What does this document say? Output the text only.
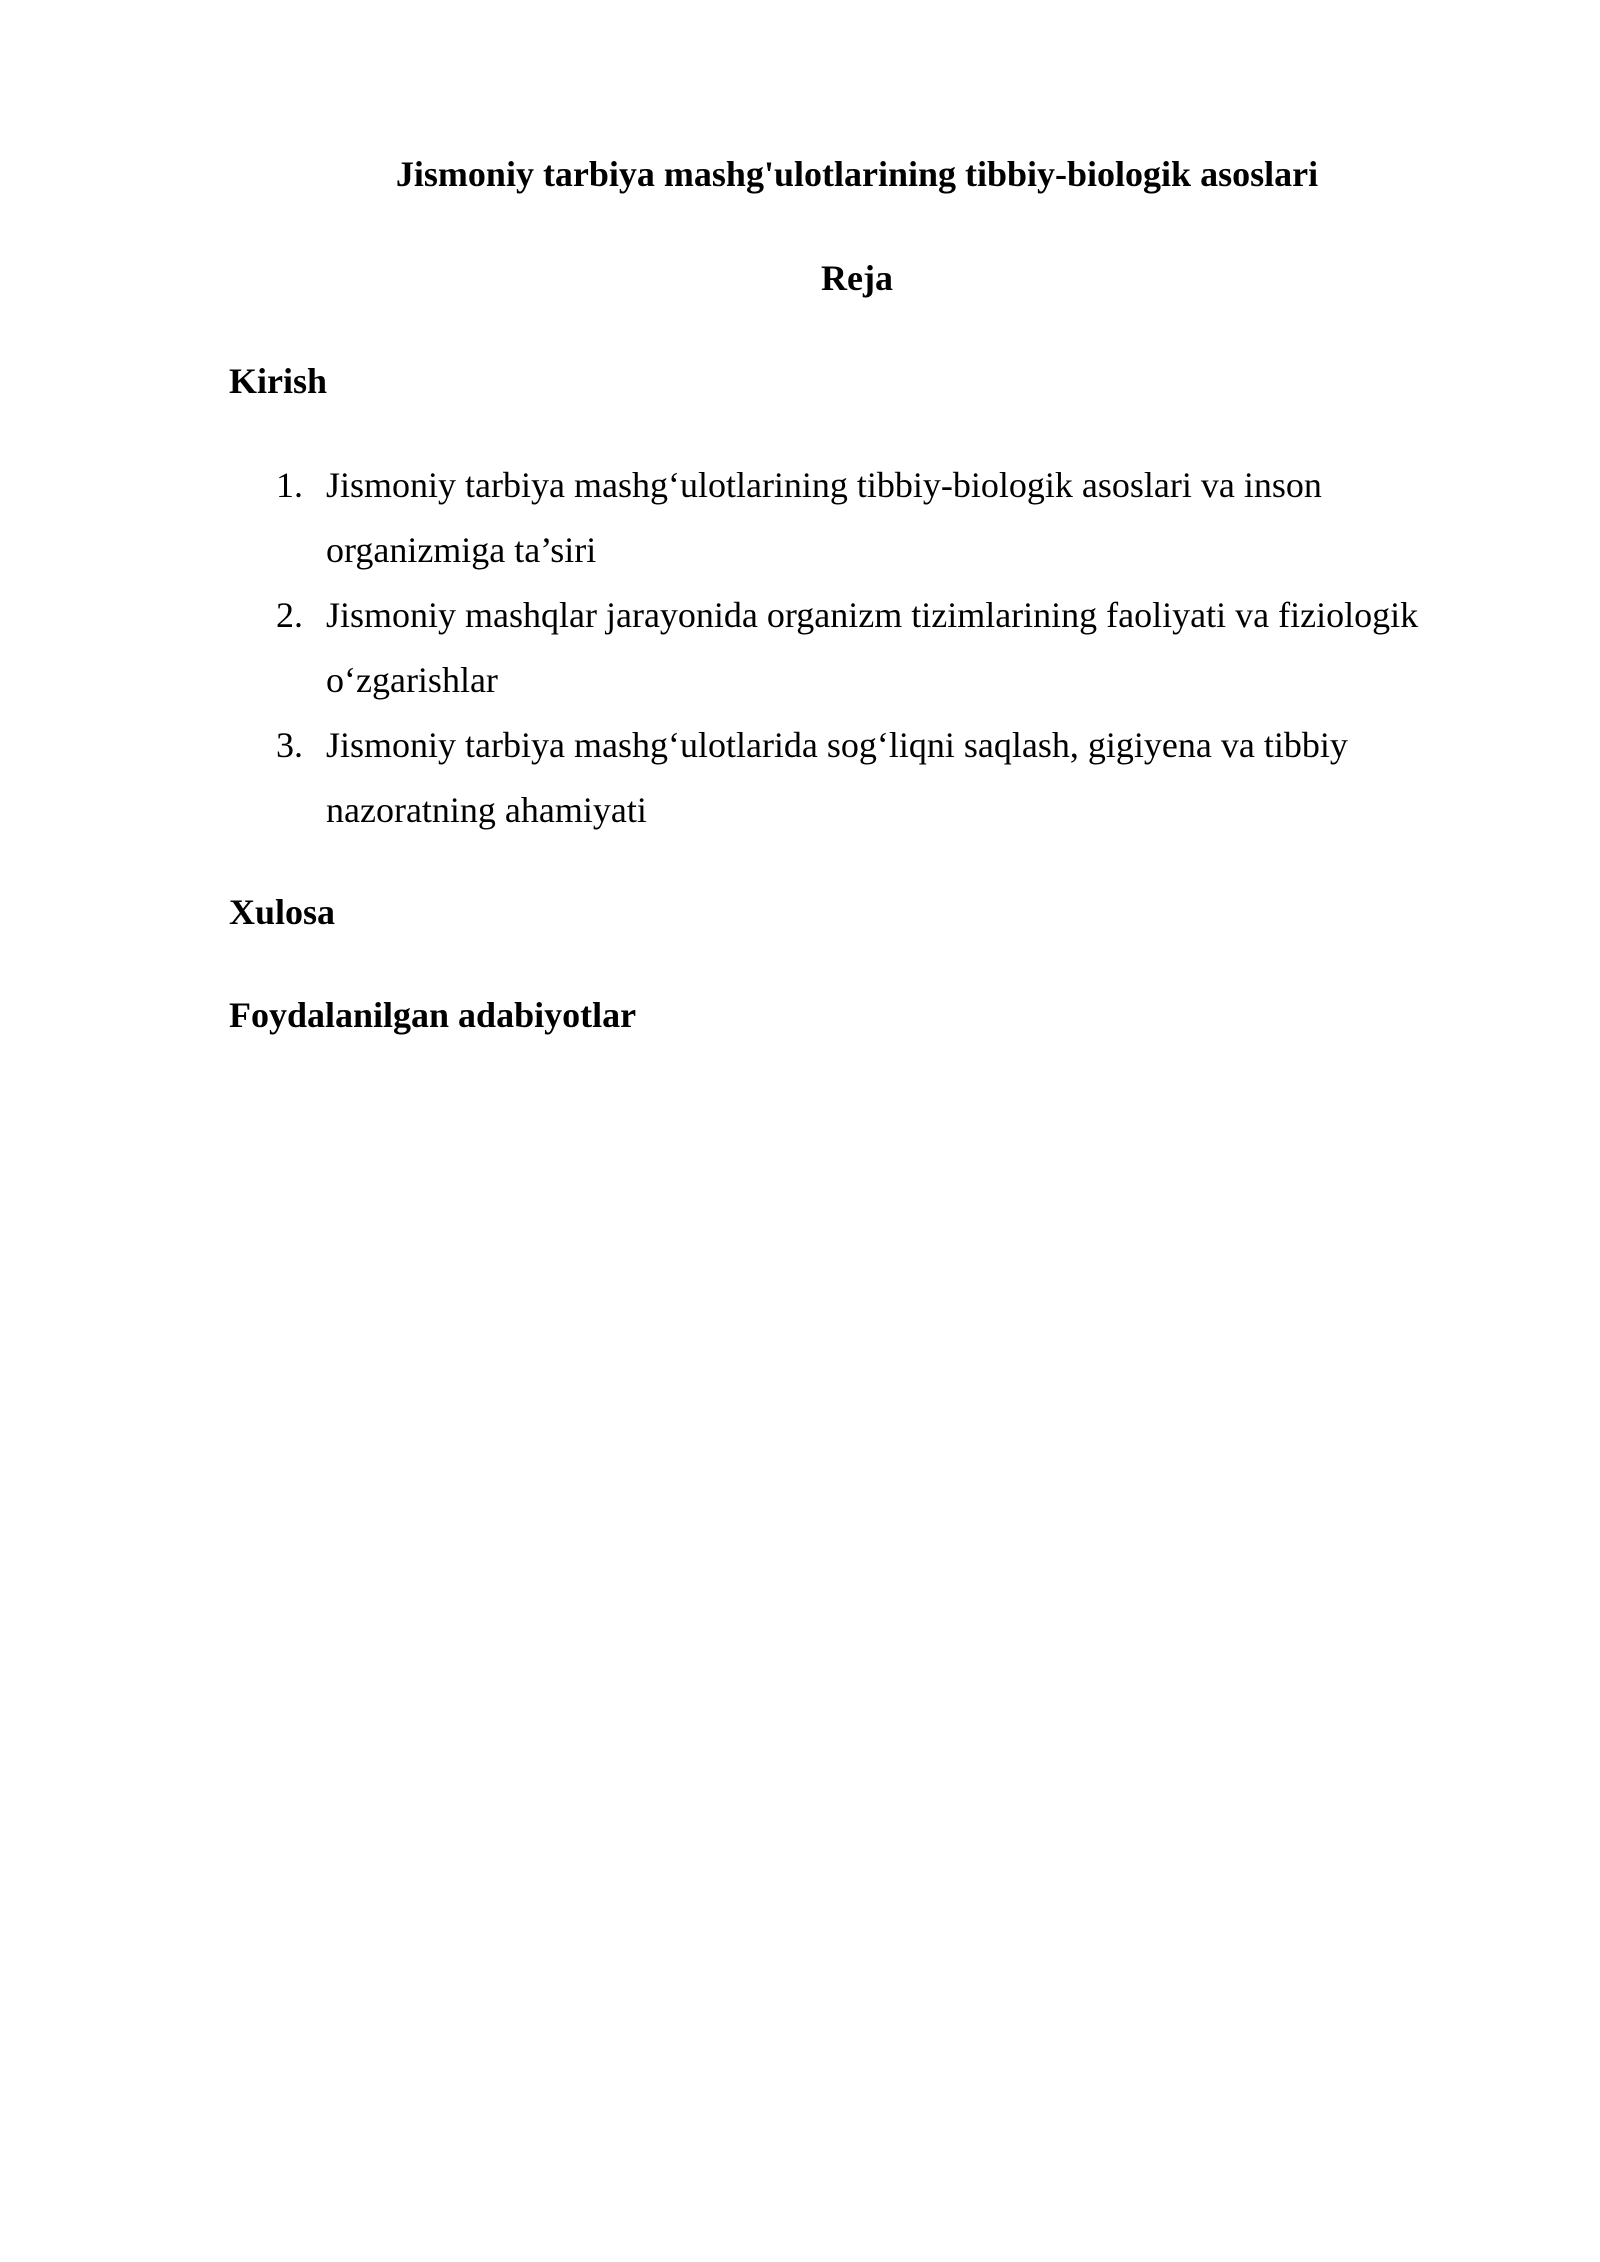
Jismoniy tarbiya mashg'ulotlarining tibbiy-biologik asoslari
Reja
Kirish
1. Jismoniy tarbiya mashg‘ulotlarining tibbiy-biologik asoslari va inson organizmiga ta’siri
2. Jismoniy mashqlar jarayonida organizm tizimlarining faoliyati va fiziologik o‘zgarishlar
3. Jismoniy tarbiya mashg‘ulotlarida sog‘liqni saqlash, gigiyena va tibbiy nazoratning ahamiyati
Xulosa
Foydalanilgan adabiyotlar
